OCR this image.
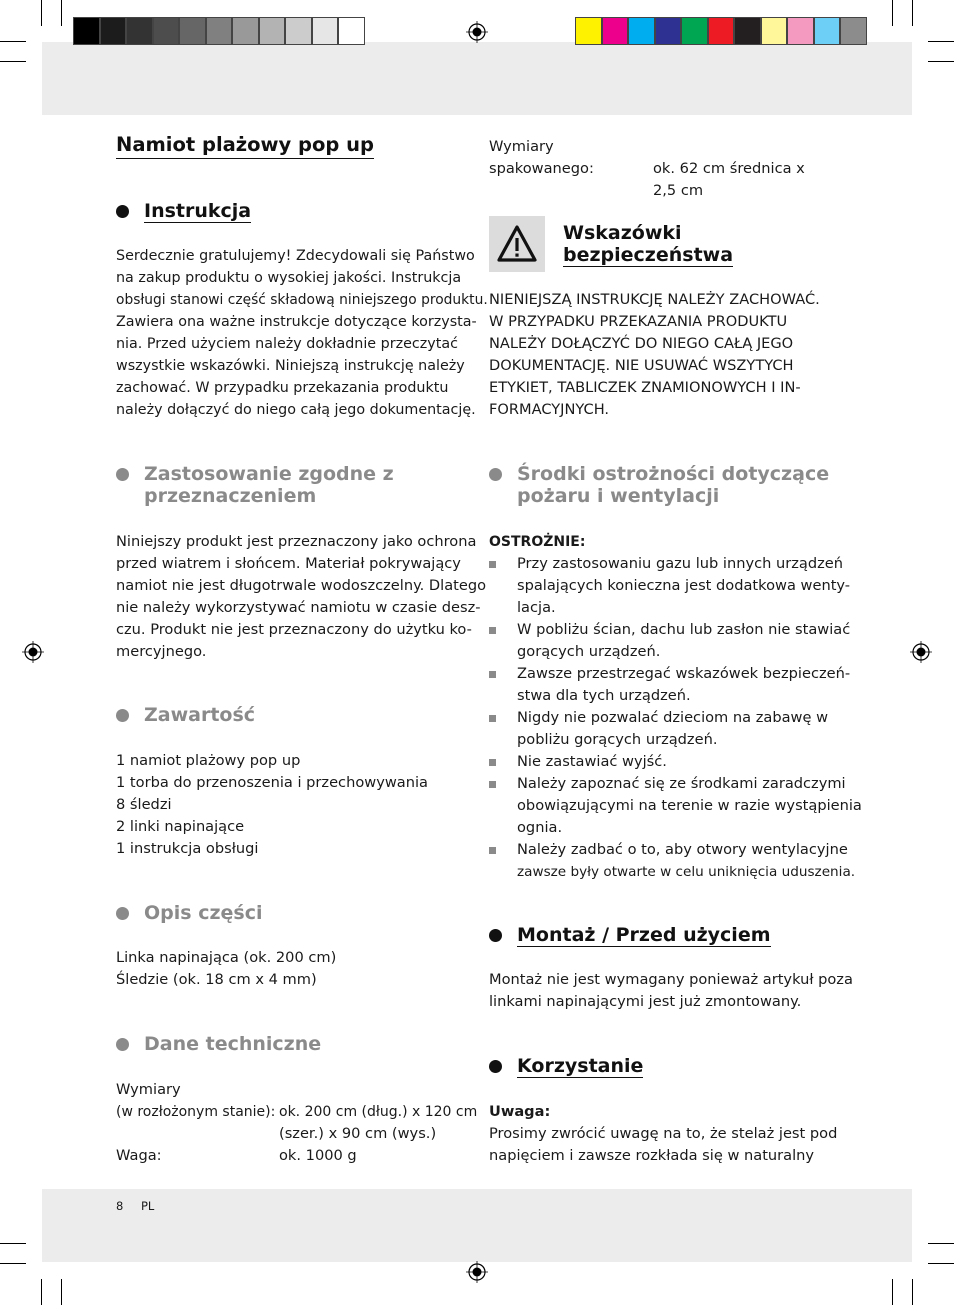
Namiot plażowy pop up
Instrukcja
Serdecznie gratulujemy! Zdecydowali się Państwo
na zakup produktu o wysokiej jakości. Instrukcja
obsługi stanowi część składową niniejszego produktu.
Zawiera ona ważne instrukcje dotyczące korzysta-
nia. Przed użyciem należy dokładnie przeczytać
wszystkie wskazówki. Niniejszą instrukcję należy
zachować. W przypadku przekazania produktu
należy dołączyć do niego całą jego dokumentację.
Zastosowanie zgodne z
przeznaczeniem
Niniejszy produkt jest przeznaczony jako ochrona
przed wiatrem i słońcem. Materiał pokrywający
namiot nie jest długotrwale wodoszczelny. Dlatego
nie należy wykorzystywać namiotu w czasie desz-
czu. Produkt nie jest przeznaczony do użytku ko-
mercyjnego.
Zawartość
1 namiot plażowy pop up
1 torba do przenoszenia i przechowywania
8 śledzi
2 linki napinające
1 instrukcja obsługi
Opis części
Linka napinająca (ok. 200 cm)
Śledzie (ok. 18 cm x 4 mm)
Dane techniczne
Wymiary
(w rozłożonym stanie): ok. 200 cm (dług.) x 120 cm
(szer.) x 90 cm (wys.)
Waga:	ok. 1000 g
Wymiary
spakowanego:	ok. 62 cm średnica x
2,5 cm
Wskazówki
bezpieczeństwa
NIENIEJSZĄ INSTRUKCJĘ NALEŻY ZACHOWAĆ.
W PRZYPADKU PRZEKAZANIA PRODUKTU
NALEŻY DOŁĄCZYĆ DO NIEGO CAŁĄ JEGO
DOKUMENTACJĘ. NIE USUWAĆ WSZYTYCH
ETYKIET, TABLICZEK ZNAMIONOWYCH I IN-
FORMACYJNYCH.
Środki ostrożności dotyczące
pożaru i wentylacji
OSTROŻNIE:
Przy zastosowaniu gazu lub innych urządzeń
spalających konieczna jest dodatkowa wenty-
lacja.
W pobliżu ścian, dachu lub zasłon nie stawiać
gorących urządzeń.
Zawsze przestrzegać wskazówek bezpieczeń-
stwa dla tych urządzeń.
Nigdy nie pozwalać dzieciom na zabawę w
pobliżu gorących urządzeń.
Nie zastawiać wyjść.
Należy zapoznać się ze środkami zaradczymi
obowiązującymi na terenie w razie wystąpienia
ognia.
Należy zadbać o to, aby otwory wentylacyjne
zawsze były otwarte w celu uniknięcia uduszenia.
Montaż / Przed użyciem
Montaż nie jest wymagany ponieważ artykuł poza
linkami napinającymi jest już zmontowany.
Korzystanie
Uwaga:
Prosimy zwrócić uwagę na to, że stelaż jest pod
napięciem i zawsze rozkłada się w naturalny
8 PL
